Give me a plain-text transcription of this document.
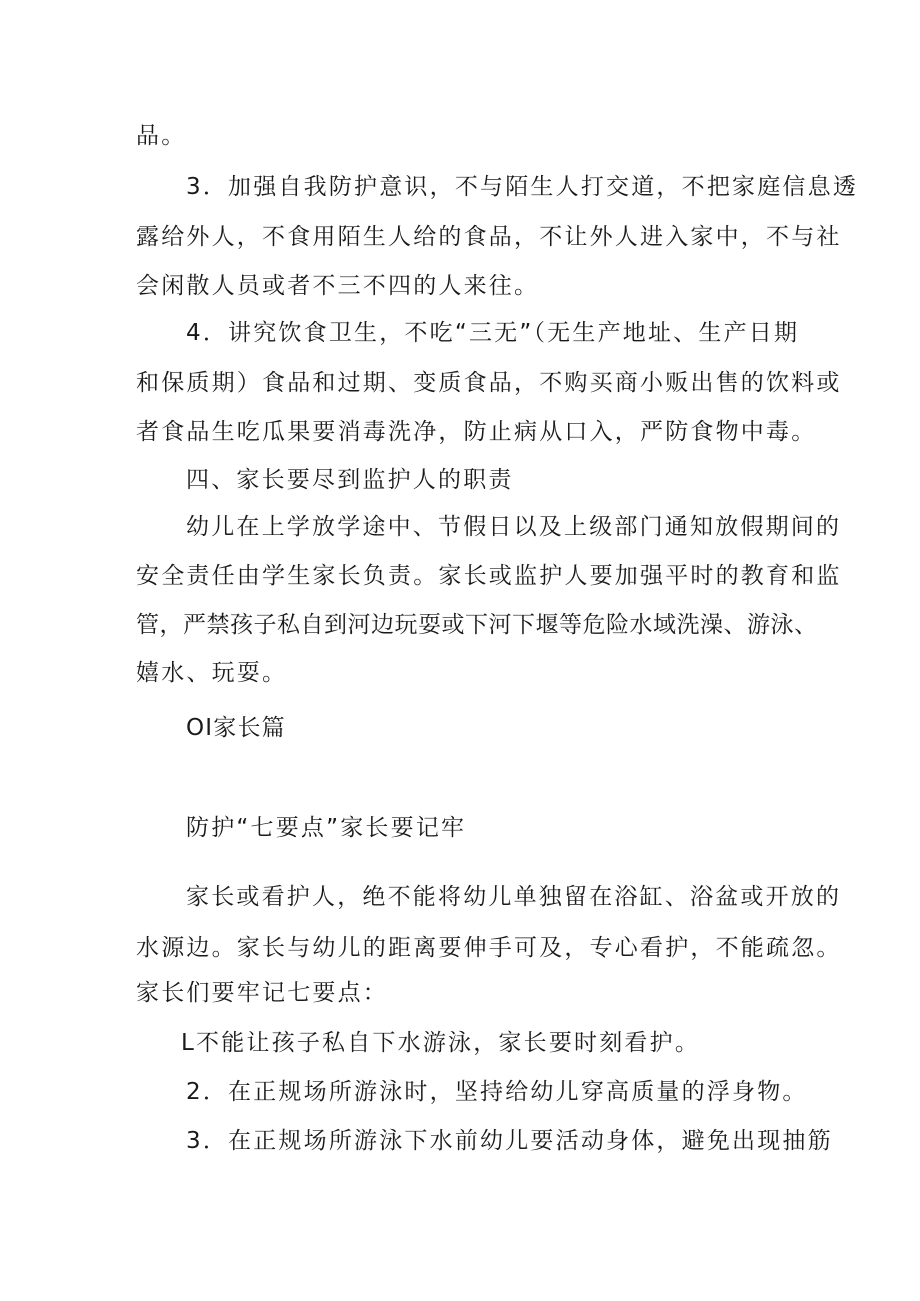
品。

3．加强自我防护意识，不与陌生人打交道，不把家庭信息透

露给外人，不食用陌生人给的食品，不让外人进入家中，不与社

会闲散人员或者不三不四的人来往。

4．讲究饮食卫生，不吃“三无”（无生产地址、生产日期

和保质期）食品和过期、变质食品，不购买商小贩出售的饮料或

者食品生吃瓜果要消毒洗净，防止病从口入，严防食物中毒。

四、家长要尽到监护人的职责

幼儿在上学放学途中、节假日以及上级部门通知放假期间的

安全责任由学生家长负责。家长或监护人要加强平时的教育和监

管，严禁孩子私自到河边玩耍或下河下堰等危险水域洗澡、游泳、

嬉水、玩耍。

OI家长篇

防护“七要点”家长要记牢

家长或看护人，绝不能将幼儿单独留在浴缸、浴盆或开放的

水源边。家长与幼儿的距离要伸手可及，专心看护，不能疏忽。

家长们要牢记七要点：

L不能让孩子私自下水游泳，家长要时刻看护。

2．在正规场所游泳时，坚持给幼儿穿高质量的浮身物。

3．在正规场所游泳下水前幼儿要活动身体，避免出现抽筋
